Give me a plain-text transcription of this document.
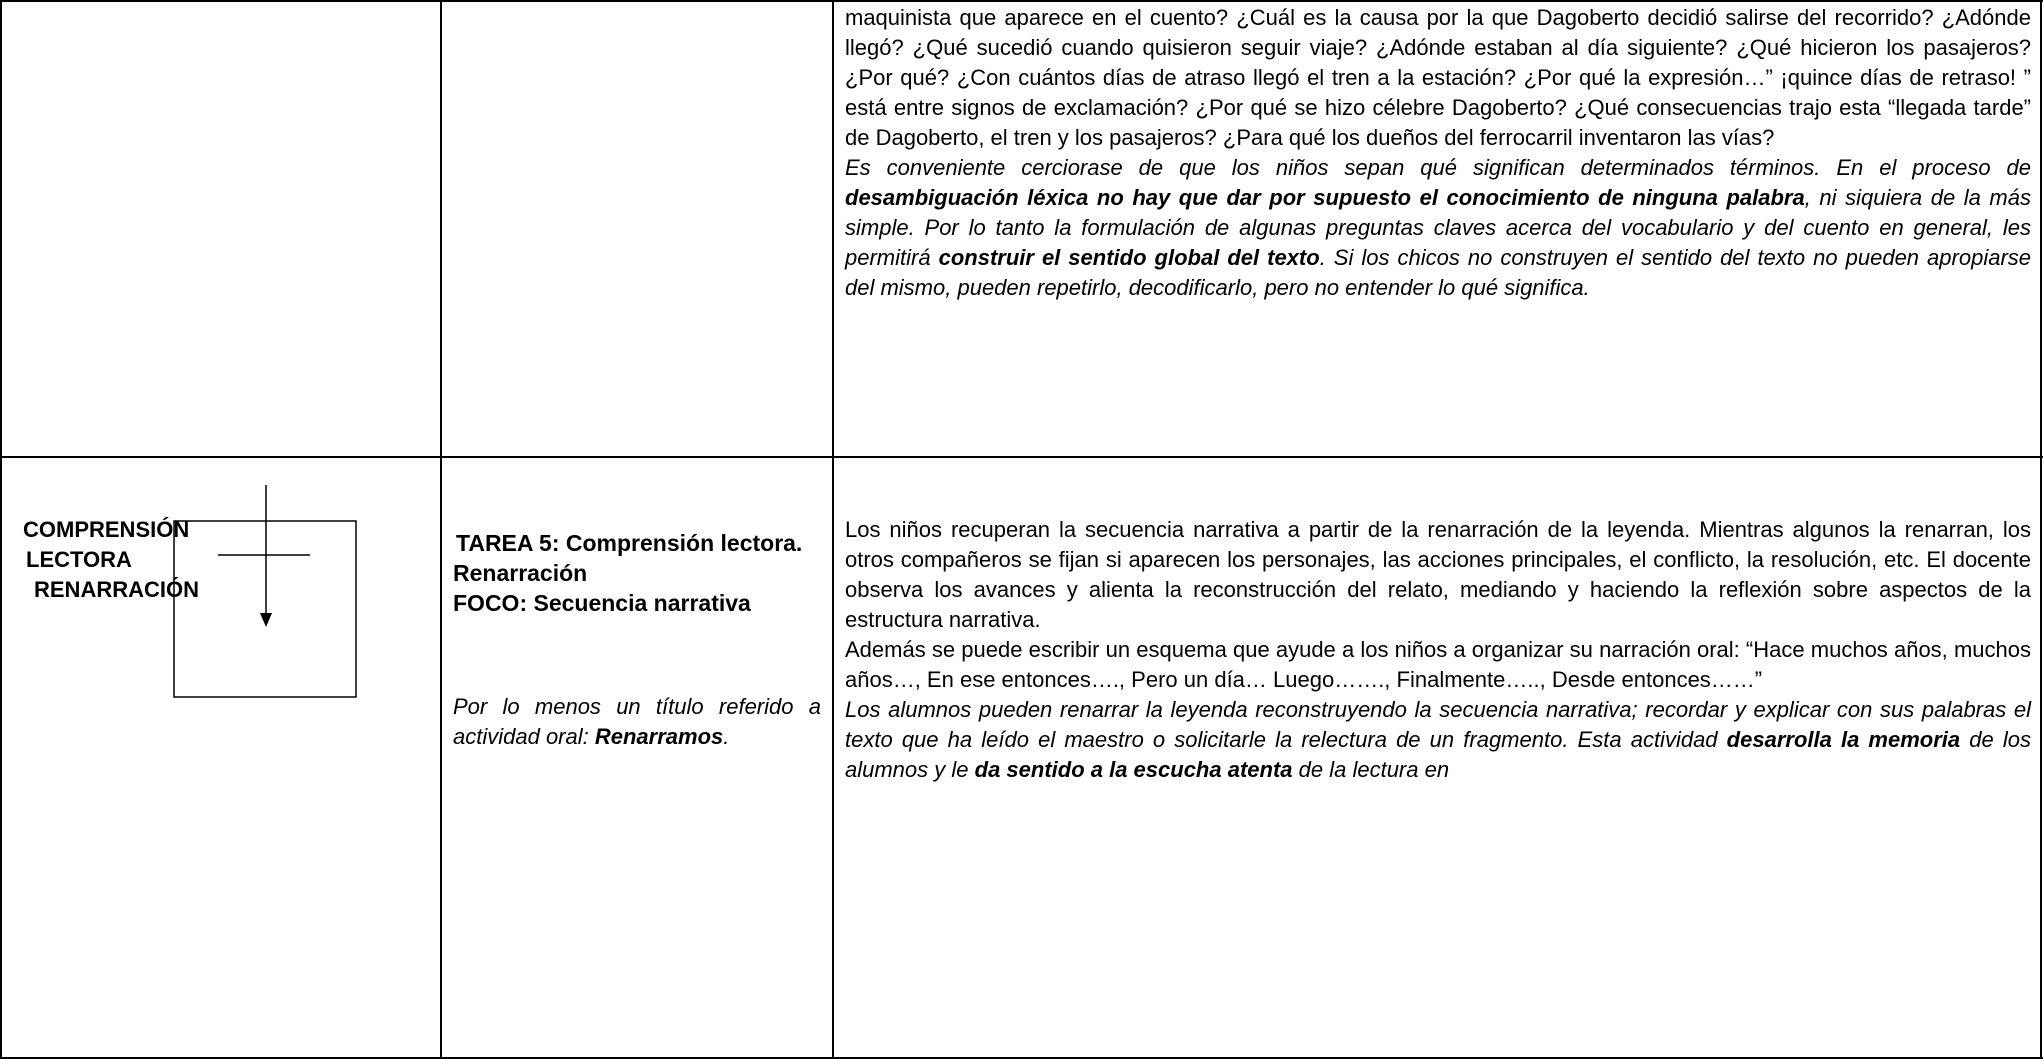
maquinista que aparece en el cuento? ¿Cuál es la causa por la que Dagoberto decidió salirse del recorrido? ¿Adónde llegó? ¿Qué sucedió cuando quisieron seguir viaje? ¿Adónde estaban al día siguiente? ¿Qué hicieron los pasajeros? ¿Por qué? ¿Con cuántos días de atraso llegó el tren a la estación? ¿Por qué la expresión…” ¡quince días de retraso! ” está entre signos de exclamación? ¿Por qué se hizo célebre Dagoberto? ¿Qué consecuencias trajo esta “llegada tarde” de Dagoberto, el tren y los pasajeros? ¿Para qué los dueños del ferrocarril inventaron las vías?

Es conveniente cerciorase de que los niños sepan qué significan determinados términos. En el proceso de desambiguación léxica no hay que dar por supuesto el conocimiento de ninguna palabra, ni siquiera de la más simple. Por lo tanto la formulación de algunas preguntas claves acerca del vocabulario y del cuento en general, les permitirá construir el sentido global del texto. Si los chicos no construyen el sentido del texto no pueden apropiarse del mismo, pueden repetirlo, decodificarlo, pero no entender lo qué significa.

COMPRENSIÓN
LECTORA
RENARRACIÓN
TAREA 5: Comprensión lectora.
Renarración
FOCO: Secuencia narrativa
Por lo menos un título referido a actividad oral: Renarramos.

Los niños recuperan la secuencia narrativa a partir de la renarración de la leyenda. Mientras algunos la renarran, los otros compañeros se fijan si aparecen los personajes, las acciones principales, el conflicto, la resolución, etc. El docente observa los avances y alienta la reconstrucción del relato, mediando y haciendo la reflexión sobre aspectos de la estructura narrativa.

Además se puede escribir un esquema que ayude a los niños a organizar su narración oral: “Hace muchos años, muchos años…, En ese entonces…., Pero un día… Luego……., Finalmente….., Desde entonces……”

Los alumnos pueden renarrar la leyenda reconstruyendo la secuencia narrativa; recordar y explicar con sus palabras el texto que ha leído el maestro o solicitarle la relectura de un fragmento. Esta actividad desarrolla la memoria de los alumnos y le da sentido a la escucha atenta de la lectura en
